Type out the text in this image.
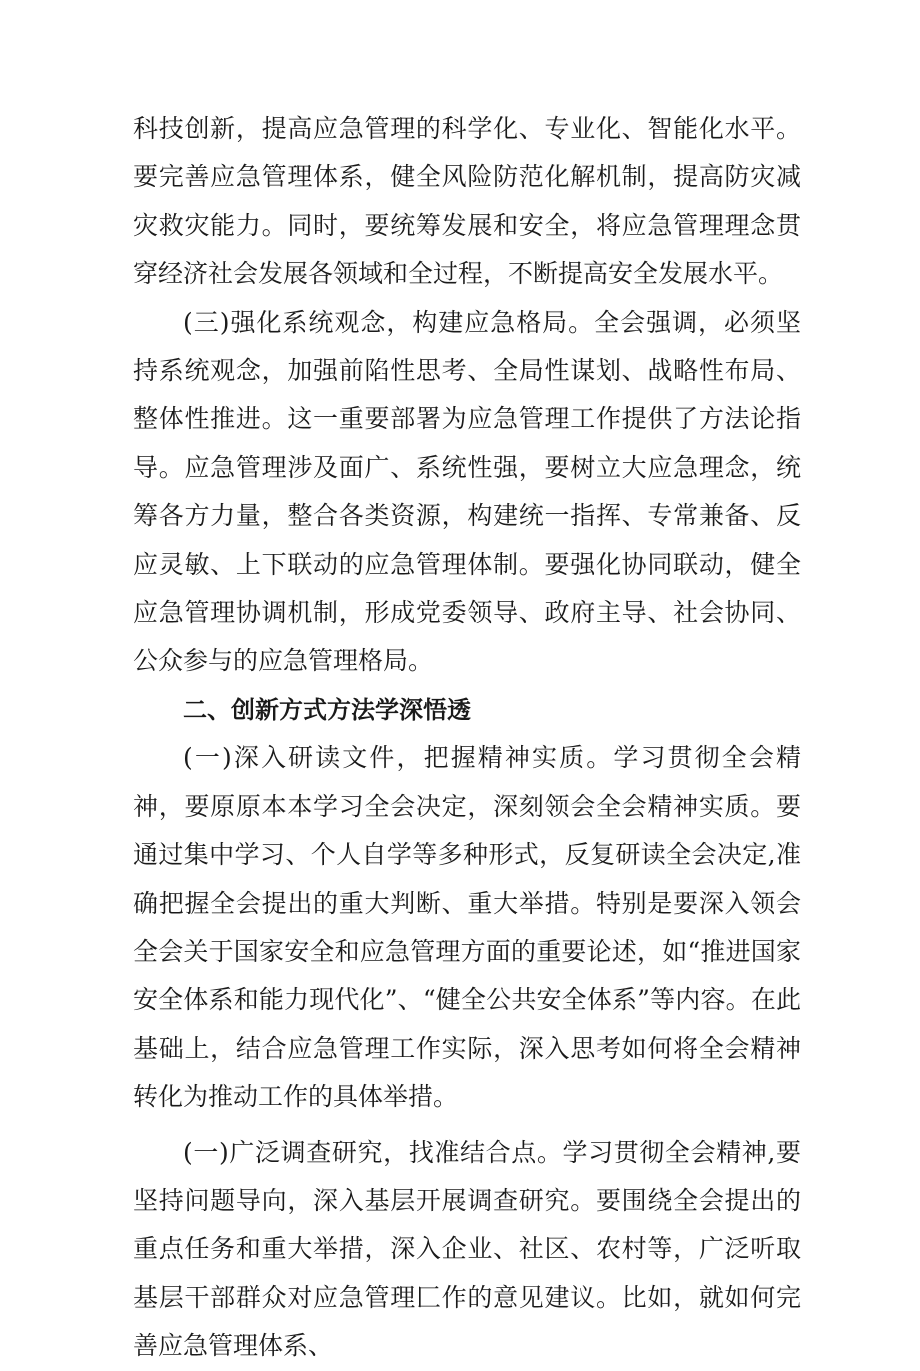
科技创新，提高应急管理的科学化、专业化、智能化水平。要完善应急管理体系，健全风险防范化解机制，提高防灾减灾救灾能力。同时，要统筹发展和安全，将应急管理理念贯穿经济社会发展各领域和全过程，不断提高安全发展水平。

(三)强化系统观念，构建应急格局。全会强调，必须坚持系统观念，加强前陷性思考、全局性谋划、战略性布局、整体性推进。这一重要部署为应急管理工作提供了方法论指导。应急管理涉及面广、系统性强，要树立大应急理念，统筹各方力量，整合各类资源，构建统一指挥、专常兼备、反应灵敏、上下联动的应急管理体制。要强化协同联动，健全应急管理协调机制，形成党委领导、政府主导、社会协同、公众参与的应急管理格局。

二、创新方式方法学深悟透

(一)深入研读文件，把握精神实质。学习贯彻全会精神，要原原本本学习全会决定，深刻领会全会精神实质。要通过集中学习、个人自学等多种形式，反复研读全会决定,准确把握全会提出的重大判断、重大举措。特别是要深入领会全会关于国家安全和应急管理方面的重要论述，如“推进国家安全体系和能力现代化”、“健全公共安全体系”等内容。在此基础上，结合应急管理工作实际，深入思考如何将全会精神转化为推动工作的具体举措。

(一)广泛调查研究，找准结合点。学习贯彻全会精神,要坚持问题导向，深入基层开展调查研究。要围绕全会提出的重点任务和重大举措，深入企业、社区、农村等，广泛听取基层干部群众对应急管理匚作的意见建议。比如，就如何完善应急管理体系、
